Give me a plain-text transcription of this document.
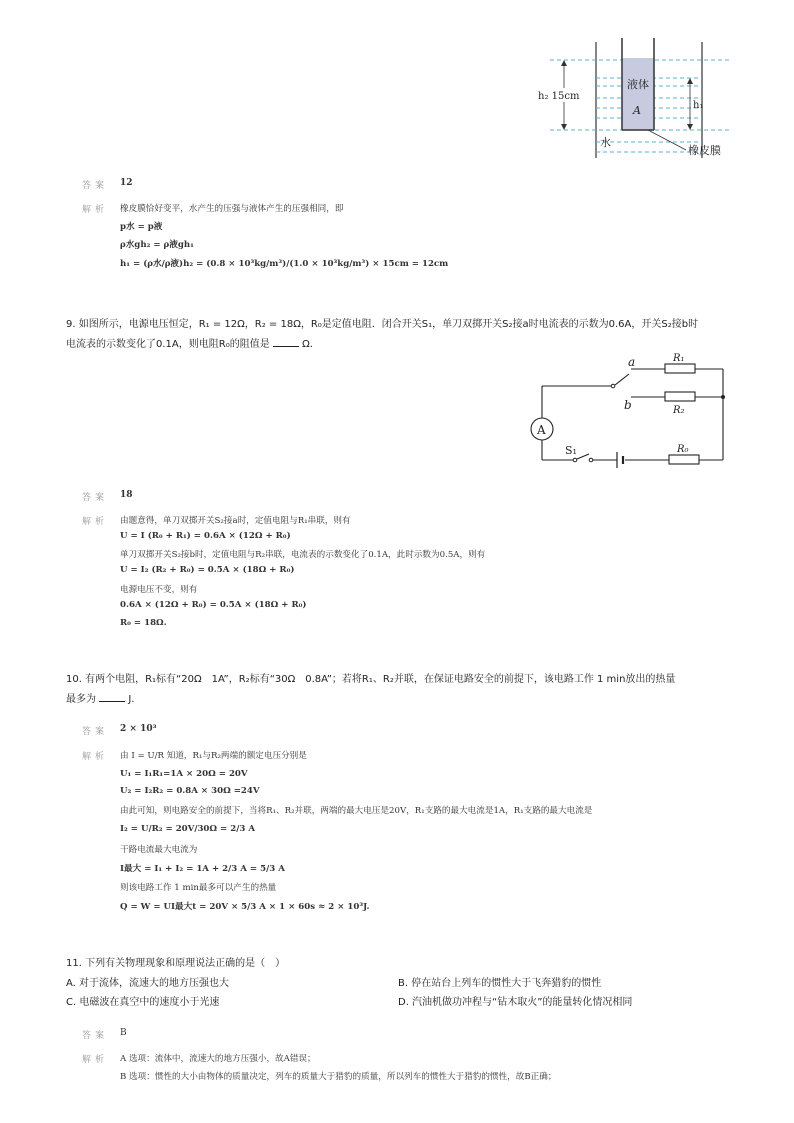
h₂ 15cm
h₁
液体
A
水
橡皮膜
答案 12
解析 橡皮膜恰好变平，水产生的压强与液体产生的压强相同，即
p水 = p液
ρ水gh₂ = ρ液gh₁
h₁ = (ρ水/ρ液)h₂ = (0.8 × 10³kg/m³)/(1.0 × 10³kg/m³) × 15cm = 12cm
9. 如图所示，电源电压恒定，R₁ = 12Ω，R₂ = 18Ω，R₀是定值电阻．闭合开关S₁，单刀双掷开关S₂接a时电流表的示数为0.6A，开关S₂接b时
电流表的示数变化了0.1A，则电阻R₀的阻值是	Ω．
A
a
b
R₁
R₂
R₀
S₁
答案 18
解析 由题意得，单刀双掷开关S₂接a时，定值电阻与R₁串联，则有
U = I (R₀ + R₁) = 0.6A × (12Ω + R₀)
单刀双掷开关S₂接b时，定值电阻与R₂串联，电流表的示数变化了0.1A，此时示数为0.5A，则有
U = I₂ (R₂ + R₀) = 0.5A × (18Ω + R₀)
电源电压不变，则有
0.6A × (12Ω + R₀) = 0.5A × (18Ω + R₀)
R₀ = 18Ω.
10. 有两个电阻，R₁标有“20Ω　1A”，R₂标有“30Ω　0.8A”；若将R₁、R₂并联，在保证电路安全的前提下，该电路工作 1 min放出的热量
最多为	J．
答案 2 × 10³
解析 由 I = U/R 知道，R₁与R₂两端的额定电压分别是
U₁ = I₁R₁=1A × 20Ω = 20V
U₂ = I₂R₂ = 0.8A × 30Ω =24V
由此可知，则电路安全的前提下，当将R₁、R₂并联，两端的最大电压是20V，R₁支路的最大电流是1A，R₁支路的最大电流是
I₂ = U/R₂ = 20V/30Ω = 2/3 A
干路电流最大电流为
I最大 = I₁ + I₂ = 1A + 2/3 A = 5/3 A
则该电路工作 1 min最多可以产生的热量
Q = W = UI最大t = 20V × 5/3 A × 1 × 60s ≈ 2 × 10³J.
11. 下列有关物理现象和原理说法正确的是（　）
A. 对于流体，流速大的地方压强也大	B. 停在站台上列车的惯性大于飞奔猎豹的惯性
C. 电磁波在真空中的速度小于光速	D. 汽油机做功冲程与“钻木取火”的能量转化情况相同
答案 B
解析 A 选项：流体中，流速大的地方压强小，故A错误；
B 选项：惯性的大小由物体的质量决定，列车的质量大于猎豹的质量，所以列车的惯性大于猎豹的惯性，故B正确；
